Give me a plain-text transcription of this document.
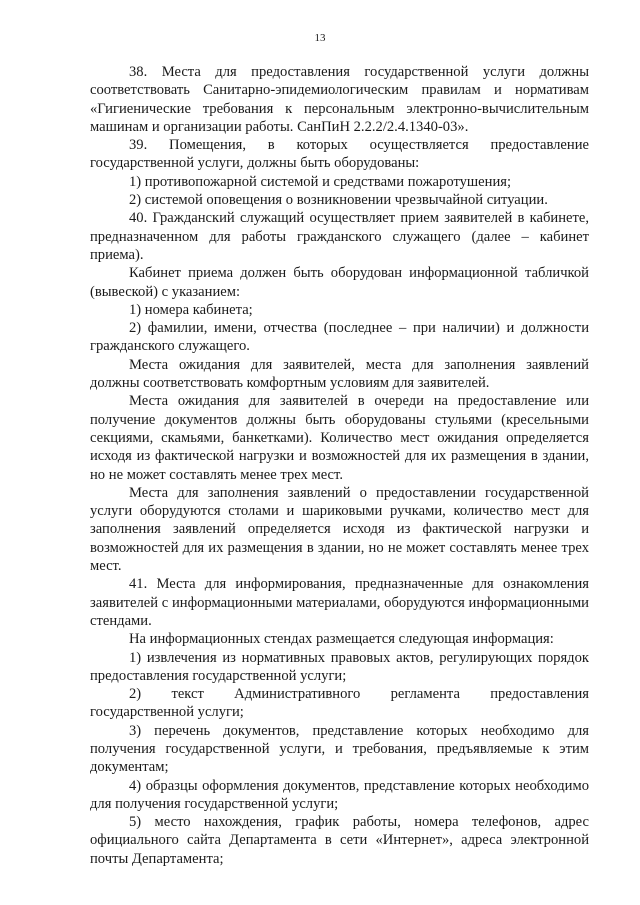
13

38. Места для предоставления государственной услуги должны соответствовать Санитарно-эпидемиологическим правилам и нормативам «Гигиенические требования к персональным электронно-вычислительным машинам и организации работы. СанПиН 2.2.2/2.4.1340-03».

39. Помещения, в которых осуществляется предоставление государственной услуги, должны быть оборудованы:

1) противопожарной системой и средствами пожаротушения;

2) системой оповещения о возникновении чрезвычайной ситуации.

40. Гражданский служащий осуществляет прием заявителей в кабинете, предназначенном для работы гражданского служащего (далее – кабинет приема).

Кабинет приема должен быть оборудован информационной табличкой (вывеской) с указанием:

1) номера кабинета;

2) фамилии, имени, отчества (последнее – при наличии) и должности гражданского служащего.

Места ожидания для заявителей, места для заполнения заявлений должны соответствовать комфортным условиям для заявителей.

Места ожидания для заявителей в очереди на предоставление или получение документов должны быть оборудованы стульями (кресельными секциями, скамьями, банкетками). Количество мест ожидания определяется исходя из фактической нагрузки и возможностей для их размещения в здании, но не может составлять менее трех мест.

Места для заполнения заявлений о предоставлении государственной услуги оборудуются столами и шариковыми ручками, количество мест для заполнения заявлений определяется исходя из фактической нагрузки и возможностей для их размещения в здании, но не может составлять менее трех мест.

41. Места для информирования, предназначенные для ознакомления заявителей с информационными материалами, оборудуются информационными стендами.

На информационных стендах размещается следующая информация:

1) извлечения из нормативных правовых актов, регулирующих порядок предоставления государственной услуги;

2) текст Административного регламента предоставления государственной услуги;

3) перечень документов, представление которых необходимо для получения государственной услуги, и требования, предъявляемые к этим документам;

4) образцы оформления документов, представление которых необходимо для получения государственной услуги;

5) место нахождения, график работы, номера телефонов, адрес официального сайта Департамента в сети «Интернет», адреса электронной почты Департамента;
